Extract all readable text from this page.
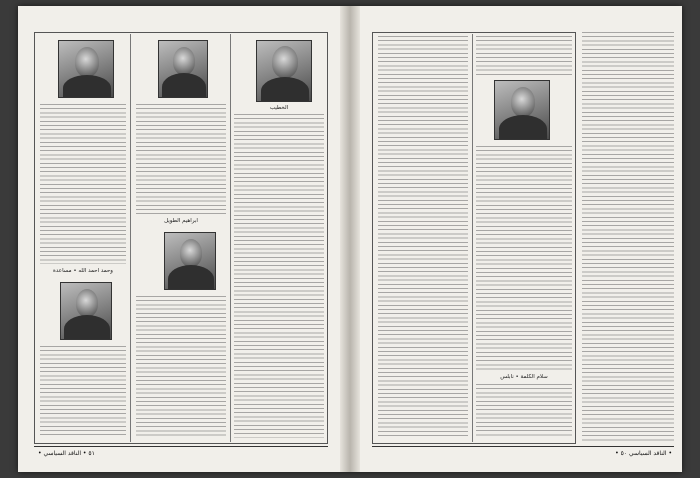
وحمد احمد الله • مساعدة
ابراهيم الطويل
الخطيب
٥١ • الناقد السياسي •
سلام الكلمة • نابلس
• الناقد السياسي ٥٠ •
